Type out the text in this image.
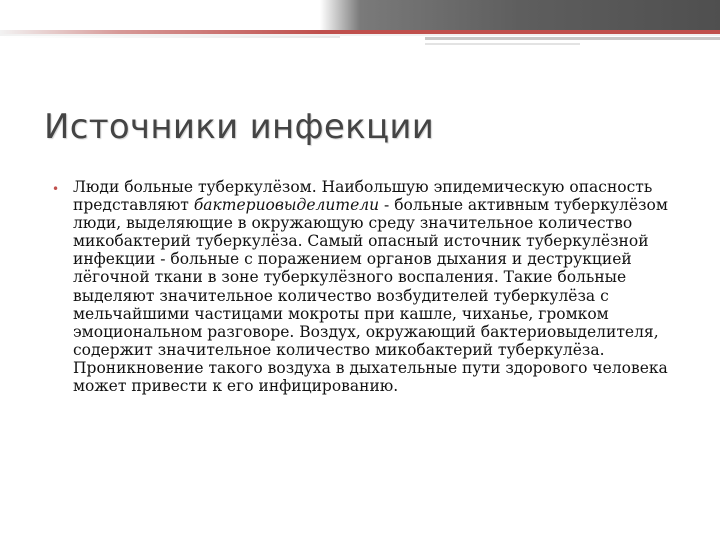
Источники инфекции
• Люди больные туберкулёзом. Наибольшую эпидемическую опасность представляют бактериовыделители - больные активным туберкулёзом люди, выделяющие в окружающую среду значительное количество микобактерий туберкулёза. Самый опасный источник туберкулёзной инфекции - больные с поражением органов дыхания и деструкцией лёгочной ткани в зоне туберкулёзного воспаления. Такие больные выделяют значительное количество возбудителей туберкулёза с мельчайшими частицами мокроты при кашле, чиханье, громком эмоциональном разговоре. Воздух, окружающий бактериовыделителя, содержит значительное количество микобактерий туберкулёза. Проникновение такого воздуха в дыхательные пути здорового человека может привести к его инфицированию.
